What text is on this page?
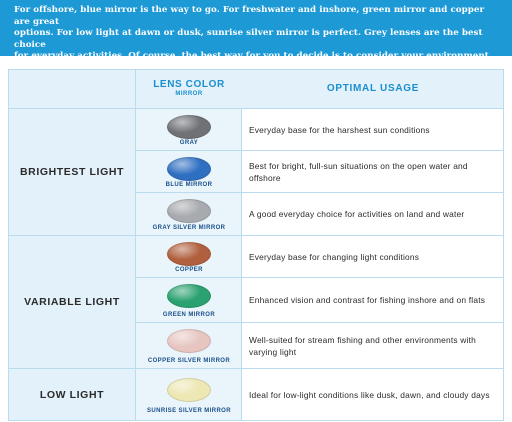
For offshore, blue mirror is the way to go. For freshwater and inshore, green mirror and copper are great
options. For low light at dawn or dusk, sunrise silver mirror is perfect. Grey lenses are the best choice
for everyday activities. Of course, the best way for you to decide is to consider your environment.
LENS COLOR
MIRROR	OPTIMAL USAGE
BRIGHTEST LIGHT
GRAY
Everyday base for the harshest sun conditions
BLUE MIRROR
Best for bright, full-sun situations on the open water and offshore
GRAY SILVER MIRROR
A good everyday choice for activities on land and water
VARIABLE LIGHT
COPPER
Everyday base for changing light conditions
GREEN MIRROR
Enhanced vision and contrast for fishing inshore and on flats
COPPER SILVER MIRROR
Well-suited for stream fishing and other environments with varying light
LOW LIGHT
SUNRISE SILVER MIRROR
Ideal for low-light conditions like dusk, dawn, and cloudy days
